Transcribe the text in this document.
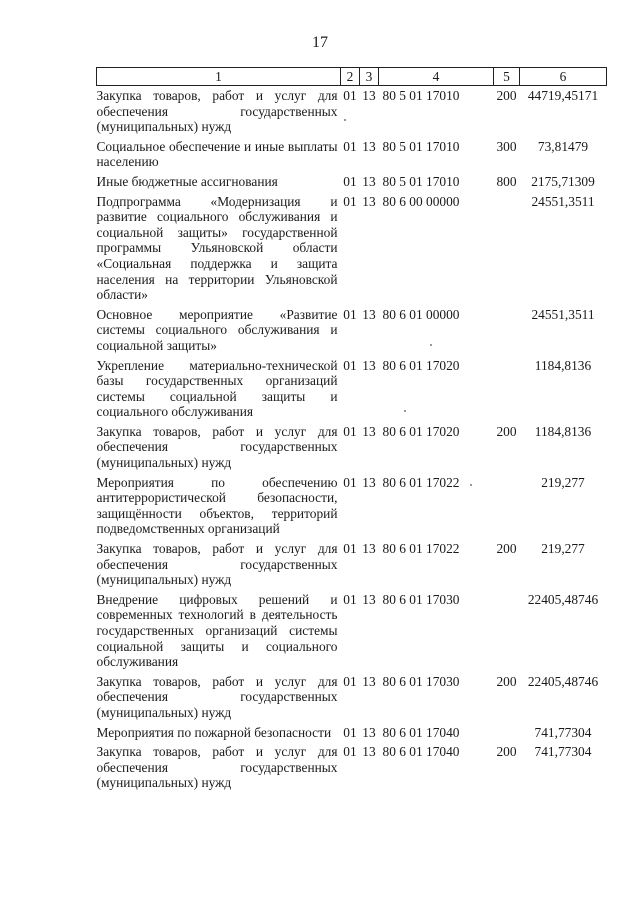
17
1	2	3	4	5	6
Закупка товаров, работ и услуг для обеспечения государственных (муниципальных) нужд	01	13	80 5 01 17010	200	44719,45171
Социальное обеспечение и иные выплаты населению	01	13	80 5 01 17010	300	73,81479
Иные бюджетные ассигнования	01	13	80 5 01 17010	800	2175,71309
Подпрограмма «Модернизация и развитие социального обслуживания и социальной защиты» государственной программы Ульяновской области «Социальная поддержка и защита населения на территории Ульяновской области»	01	13	80 6 00 00000		24551,3511
Основное мероприятие «Развитие системы социального обслуживания и социальной защиты»	01	13	80 6 01 00000		24551,3511
Укрепление материально-технической базы государственных организаций системы социальной защиты и социального обслуживания	01	13	80 6 01 17020		1184,8136
Закупка товаров, работ и услуг для обеспечения государственных (муниципальных) нужд	01	13	80 6 01 17020	200	1184,8136
Мероприятия по обеспечению антитеррористической безопасности, защищённости объектов, территорий подведомственных организаций	01	13	80 6 01 17022		219,277
Закупка товаров, работ и услуг для обеспечения государственных (муниципальных) нужд	01	13	80 6 01 17022	200	219,277
Внедрение цифровых решений и современных технологий в деятельность государственных организаций системы социальной защиты и социального обслуживания	01	13	80 6 01 17030		22405,48746
Закупка товаров, работ и услуг для обеспечения государственных (муниципальных) нужд	01	13	80 6 01 17030	200	22405,48746
Мероприятия по пожарной безопасности	01	13	80 6 01 17040		741,77304
Закупка товаров, работ и услуг для обеспечения государственных (муниципальных) нужд	01	13	80 6 01 17040	200	741,77304
